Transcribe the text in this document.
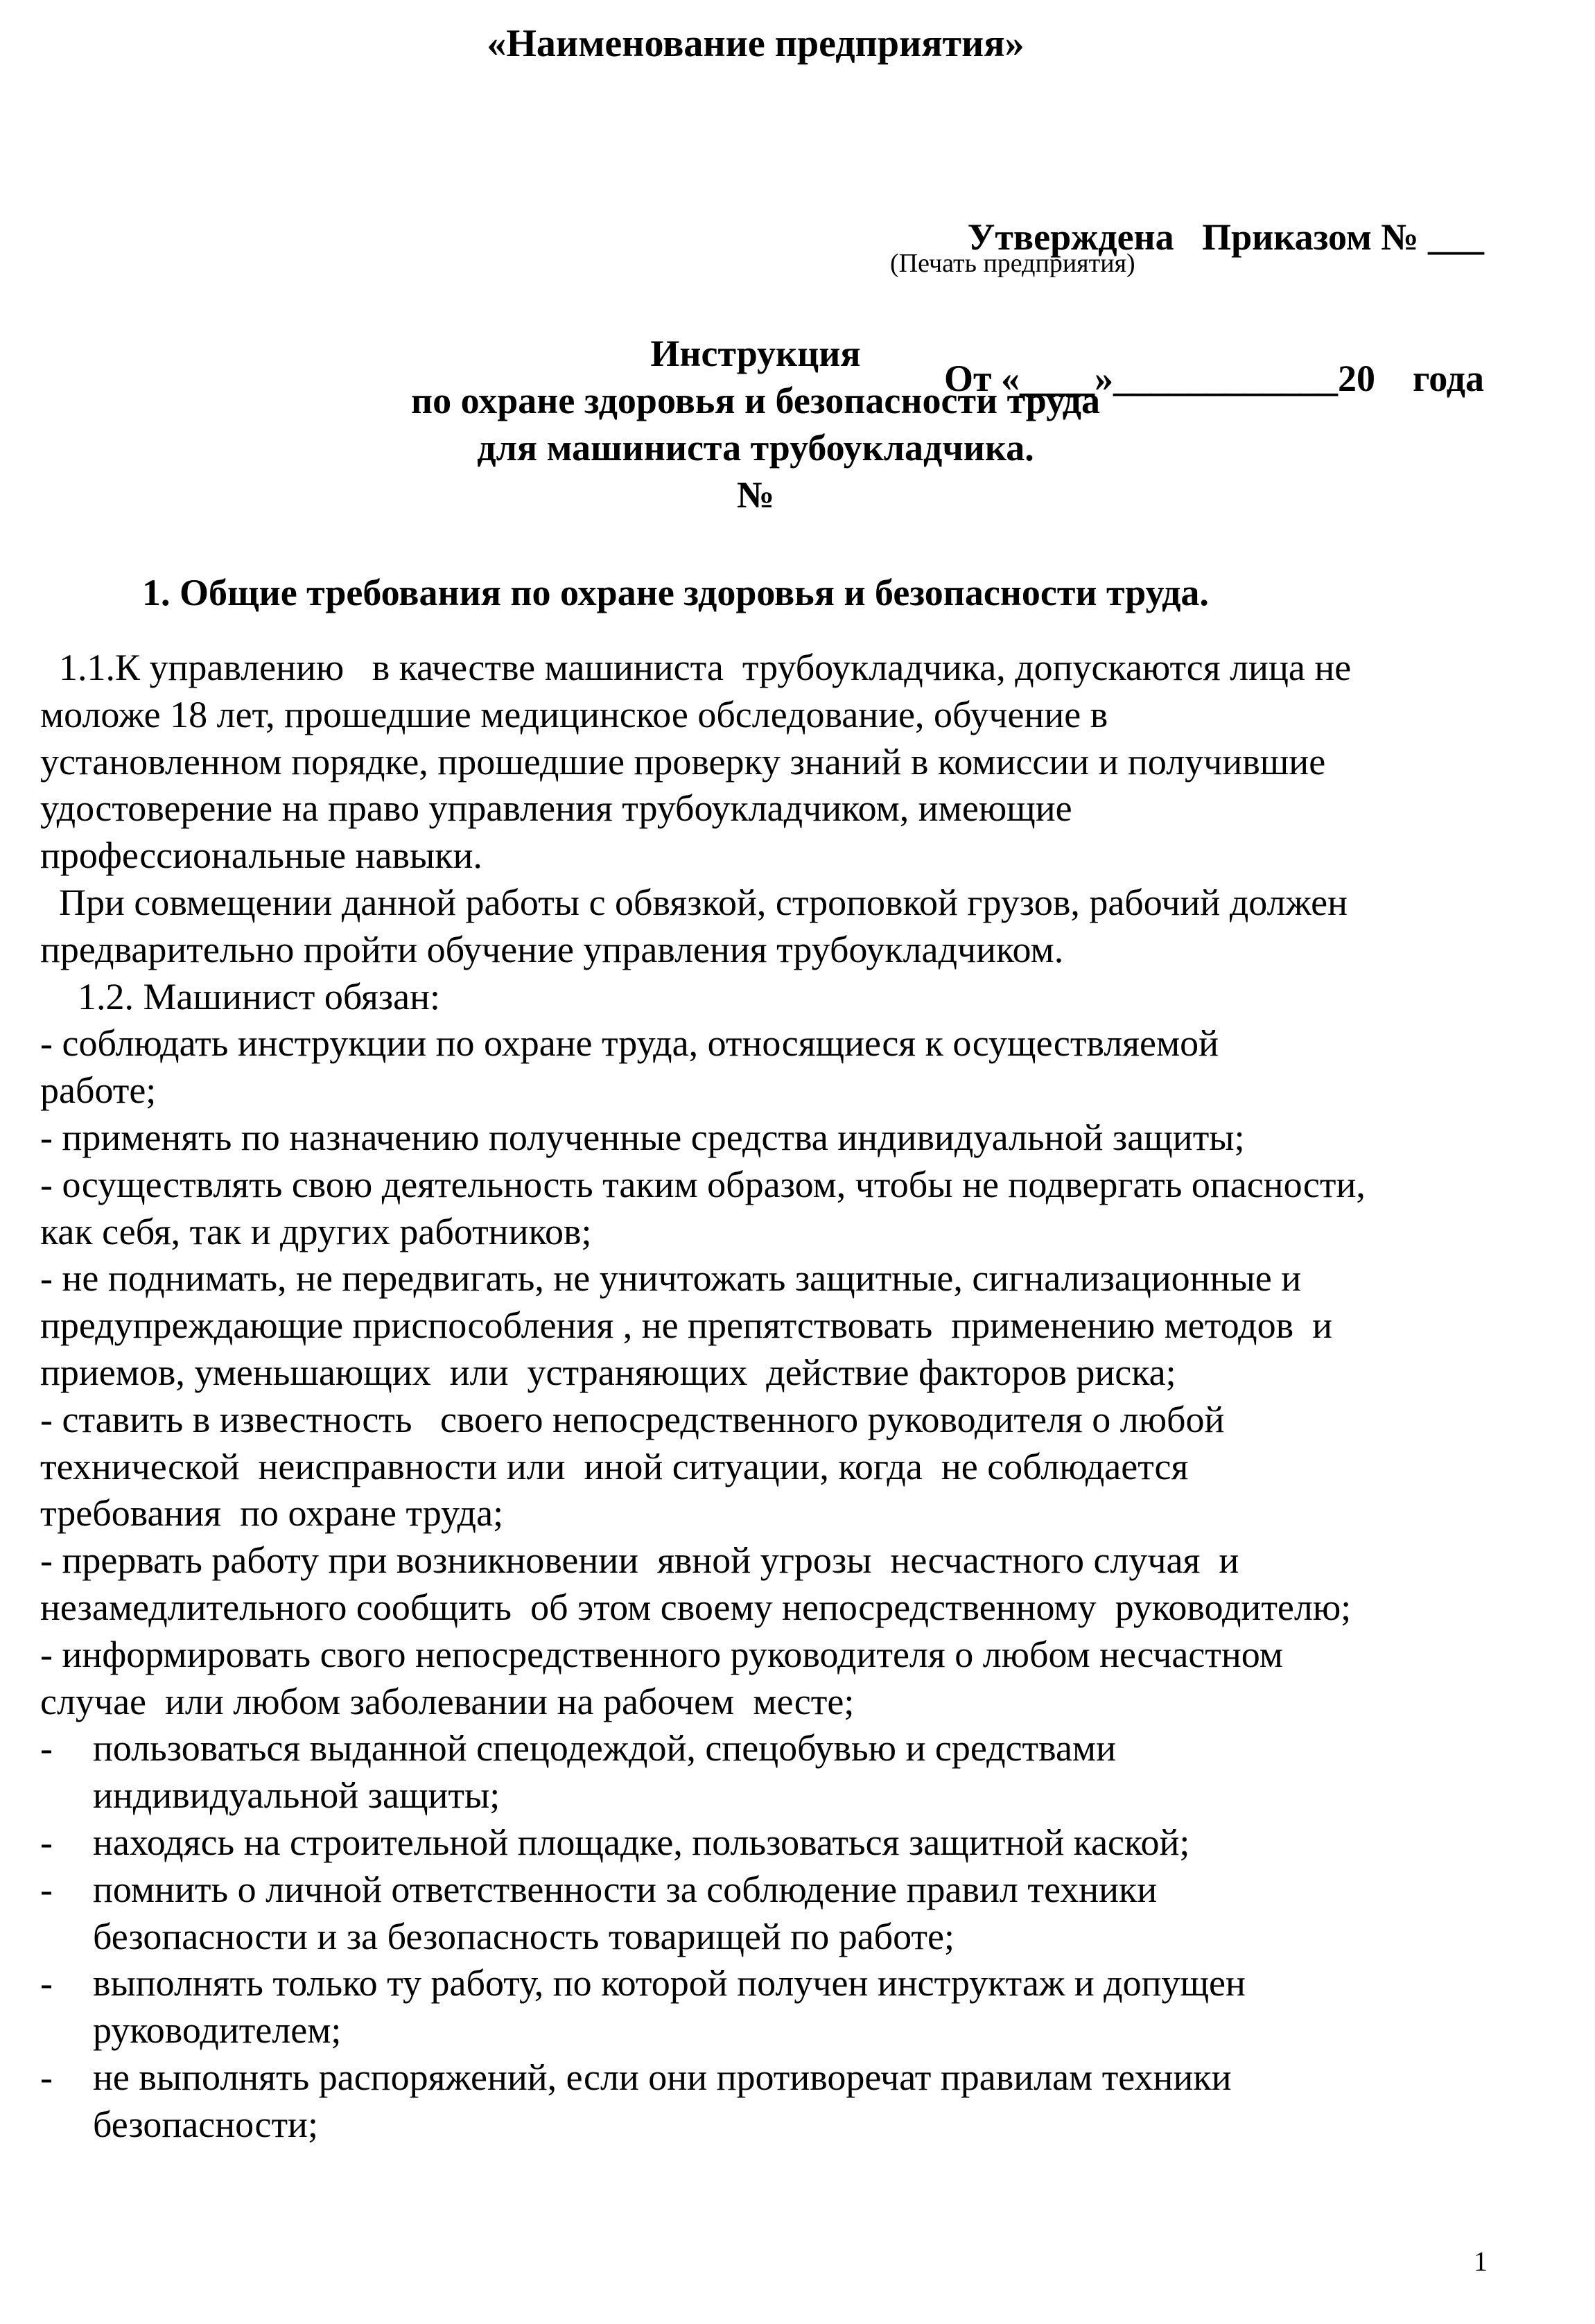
«Наименование предприятия»

Утверждена   Приказом № ___

От «____»____________20    года

(Печать предприятия)
Инструкция
по охране здоровья и безопасности труда
для машиниста трубоукладчика.
№
1. Общие требования по охране здоровья и безопасности труда.
1.1.К управлению   в качестве машиниста  трубоукладчика, допускаются лица не
моложе 18 лет, прошедшие медицинское обследование, обучение в
установленном порядке, прошедшие проверку знаний в комиссии и получившие
удостоверение на право управления трубоукладчиком, имеющие
профессиональные навыки.
При совмещении данной работы с обвязкой, строповкой грузов, рабочий должен
предварительно пройти обучение управления трубоукладчиком.
1.2. Машинист обязан:
- соблюдать инструкции по охране труда, относящиеся к осуществляемой
работе;
- применять по назначению полученные средства индивидуальной защиты;
- осуществлять свою деятельность таким образом, чтобы не подвергать опасности,
как себя, так и других работников;
- не поднимать, не передвигать, не уничтожать защитные, сигнализационные и
предупреждающие приспособления , не препятствовать  применению методов  и
приемов, уменьшающих  или  устраняющих  действие факторов риска;
- ставить в известность   своего непосредственного руководителя о любой
технической  неисправности или  иной ситуации, когда  не соблюдается
требования  по охране труда;
- прервать работу при возникновении  явной угрозы  несчастного случая  и
незамедлительного сообщить  об этом своему непосредственному  руководителю;
- информировать свого непосредственного руководителя о любом несчастном
случае  или любом заболевании на рабочем  месте;
-	пользоваться выданной спецодеждой, спецобувью и средствами
индивидуальной защиты;
-	находясь на строительной площадке, пользоваться защитной каской;
-	помнить о личной ответственности за соблюдение правил техники
безопасности и за безопасность товарищей по работе;
-	выполнять только ту работу, по которой получен инструктаж и допущен
руководителем;
-	не выполнять распоряжений, если они противоречат правилам техники
безопасности;
1
